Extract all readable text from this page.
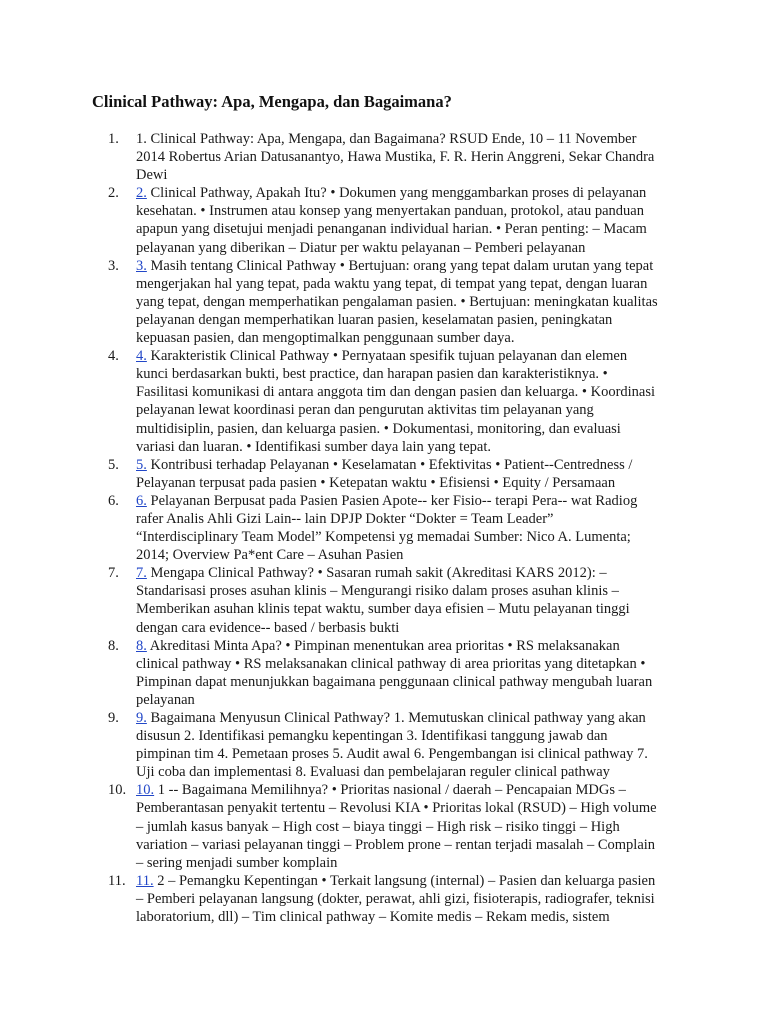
Clinical Pathway: Apa, Mengapa, dan Bagaimana?
1.	1. Clinical Pathway: Apa, Mengapa, dan Bagaimana? RSUD Ende, 10 – 11 November
2014 Robertus Arian Datusanantyo, Hawa Mustika, F. R. Herin Anggreni, Sekar Chandra
Dewi
2.	2. Clinical Pathway, Apakah Itu? • Dokumen yang menggambarkan proses di pelayanan
kesehatan. • Instrumen atau konsep yang menyertakan panduan, protokol, atau panduan
apapun yang disetujui menjadi penanganan individual harian. • Peran penting: – Macam
pelayanan yang diberikan – Diatur per waktu pelayanan – Pemberi pelayanan
3.	3. Masih tentang Clinical Pathway • Bertujuan: orang yang tepat dalam urutan yang tepat
mengerjakan hal yang tepat, pada waktu yang tepat, di tempat yang tepat, dengan luaran
yang tepat, dengan memperhatikan pengalaman pasien. • Bertujuan: meningkatan kualitas
pelayanan dengan memperhatikan luaran pasien, keselamatan pasien, peningkatan
kepuasan pasien, dan mengoptimalkan penggunaan sumber daya.
4.	4. Karakteristik Clinical Pathway • Pernyataan spesifik tujuan pelayanan dan elemen
kunci berdasarkan bukti, best practice, dan harapan pasien dan karakteristiknya. •
Fasilitasi komunikasi di antara anggota tim dan dengan pasien dan keluarga. • Koordinasi
pelayanan lewat koordinasi peran dan pengurutan aktivitas tim pelayanan yang
multidisiplin, pasien, dan keluarga pasien. • Dokumentasi, monitoring, dan evaluasi
variasi dan luaran. • Identifikasi sumber daya lain yang tepat.
5.	5. Kontribusi terhadap Pelayanan • Keselamatan • Efektivitas • Patient--Centredness /
Pelayanan terpusat pada pasien • Ketepatan waktu • Efisiensi • Equity / Persamaan
6.	6. Pelayanan Berpusat pada Pasien Pasien Apote-- ker Fisio-- terapi Pera-- wat Radiog
rafer Analis Ahli Gizi Lain-- lain DPJP Dokter “Dokter = Team Leader”
“Interdisciplinary Team Model” Kompetensi yg memadai Sumber: Nico A. Lumenta;
2014; Overview Pa*ent Care – Asuhan Pasien
7.	7. Mengapa Clinical Pathway? • Sasaran rumah sakit (Akreditasi KARS 2012): –
Standarisasi proses asuhan klinis – Mengurangi risiko dalam proses asuhan klinis –
Memberikan asuhan klinis tepat waktu, sumber daya efisien – Mutu pelayanan tinggi
dengan cara evidence-- based / berbasis bukti
8.	8. Akreditasi Minta Apa? • Pimpinan menentukan area prioritas • RS melaksanakan
clinical pathway • RS melaksanakan clinical pathway di area prioritas yang ditetapkan •
Pimpinan dapat menunjukkan bagaimana penggunaan clinical pathway mengubah luaran
pelayanan
9.	9. Bagaimana Menyusun Clinical Pathway? 1. Memutuskan clinical pathway yang akan
disusun 2. Identifikasi pemangku kepentingan 3. Identifikasi tanggung jawab dan
pimpinan tim 4. Pemetaan proses 5. Audit awal 6. Pengembangan isi clinical pathway 7.
Uji coba dan implementasi 8. Evaluasi dan pembelajaran reguler clinical pathway
10. 10. 1 -- Bagaimana Memilihnya? • Prioritas nasional / daerah – Pencapaian MDGs –
Pemberantasan penyakit tertentu – Revolusi KIA • Prioritas lokal (RSUD) – High volume
– jumlah kasus banyak – High cost – biaya tinggi – High risk – risiko tinggi – High
variation – variasi pelayanan tinggi – Problem prone – rentan terjadi masalah – Complain
– sering menjadi sumber komplain
11. 11. 2 – Pemangku Kepentingan • Terkait langsung (internal) – Pasien dan keluarga pasien
– Pemberi pelayanan langsung (dokter, perawat, ahli gizi, fisioterapis, radiografer, teknisi
laboratorium, dll) – Tim clinical pathway – Komite medis – Rekam medis, sistem
